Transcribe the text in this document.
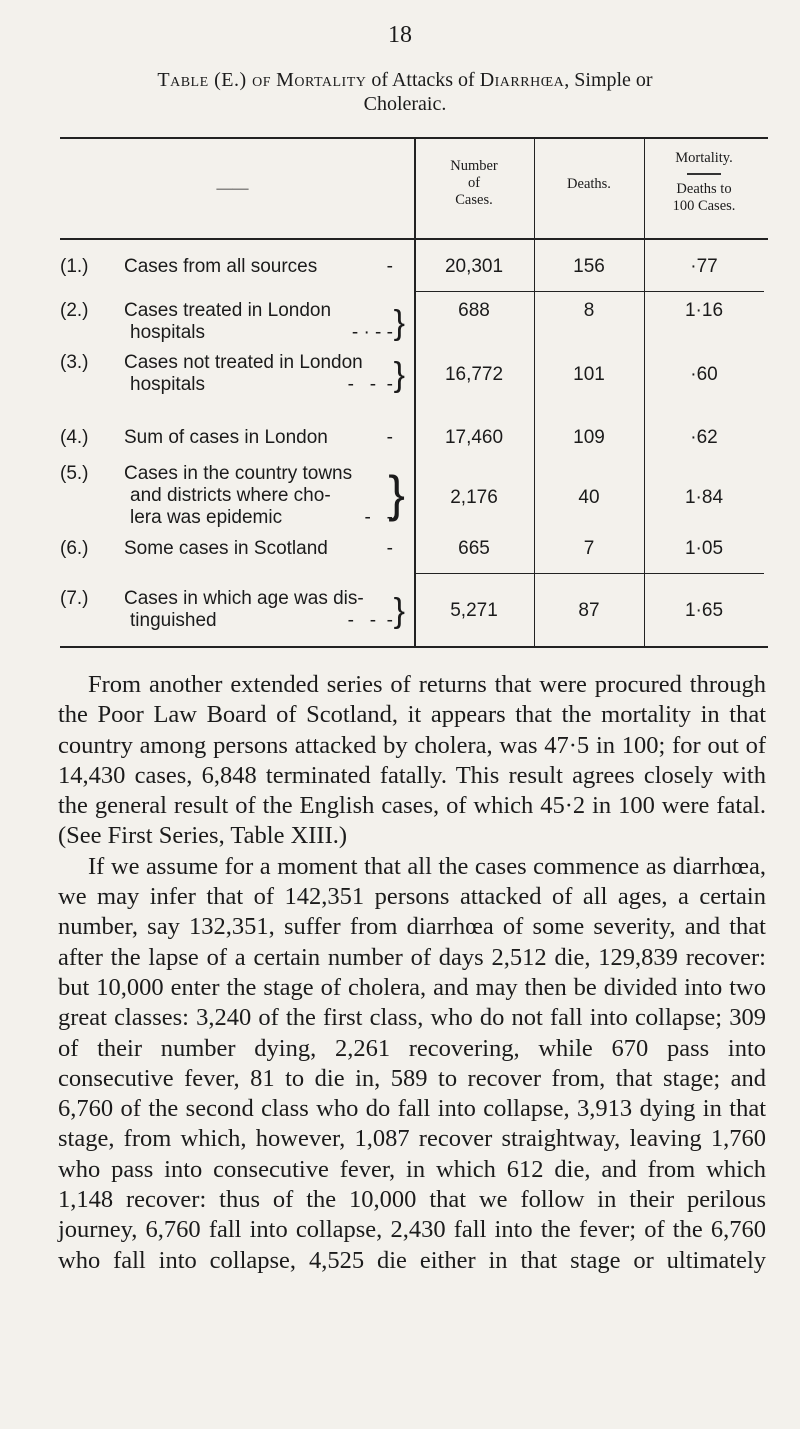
18
Table (E.) of Mortality of Attacks of Diarrhœa, Simple or
Choleraic.
——
Number
of
Cases.
Deaths.
Mortality.
Deaths to
100 Cases.
(1.) Cases from all sources	-	20,301	156	·77
(2.) Cases treated in London
hospitals	- · - - }	688	8	1·16
(3.) Cases not treated in London
hospitals	-   -  - }	16,772	101	·60
(4.) Sum of cases in London	-	17,460	109	·62
(5.) Cases in the country towns
and districts where cho-
lera was epidemic	-   -
}	2,176	40	1·84
(6.) Some cases in Scotland	-	665	7	1·05
(7.) Cases in which age was dis-
tinguished	-   -  - }	5,271	87	1·65

From another extended series of returns that were procured through the Poor Law Board of Scotland, it appears that the mortality in that country among persons attacked by cholera, was 47·5 in 100; for out of 14,430 cases, 6,848 terminated fatally. This result agrees closely with the general result of the English cases, of which 45·2 in 100 were fatal. (See First Series, Table XIII.)

If we assume for a moment that all the cases commence as diarrhœa, we may infer that of 142,351 persons attacked of all ages, a certain number, say 132,351, suffer from diarrhœa of some severity, and that after the lapse of a certain number of days 2,512 die, 129,839 recover: but 10,000 enter the stage of cholera, and may then be divided into two great classes: 3,240 of the first class, who do not fall into collapse; 309 of their number dying, 2,261 recovering, while 670 pass into consecutive fever, 81 to die in, 589 to recover from, that stage; and 6,760 of the second class who do fall into collapse, 3,913 dying in that stage, from which, however, 1,087 recover straightway, leaving 1,760 who pass into consecutive fever, in which 612 die, and from which 1,148 recover: thus of the 10,000 that we follow in their perilous journey, 6,760 fall into collapse, 2,430 fall into the fever; of the 6,760 who fall into collapse, 4,525 die either in that stage or ultimately
